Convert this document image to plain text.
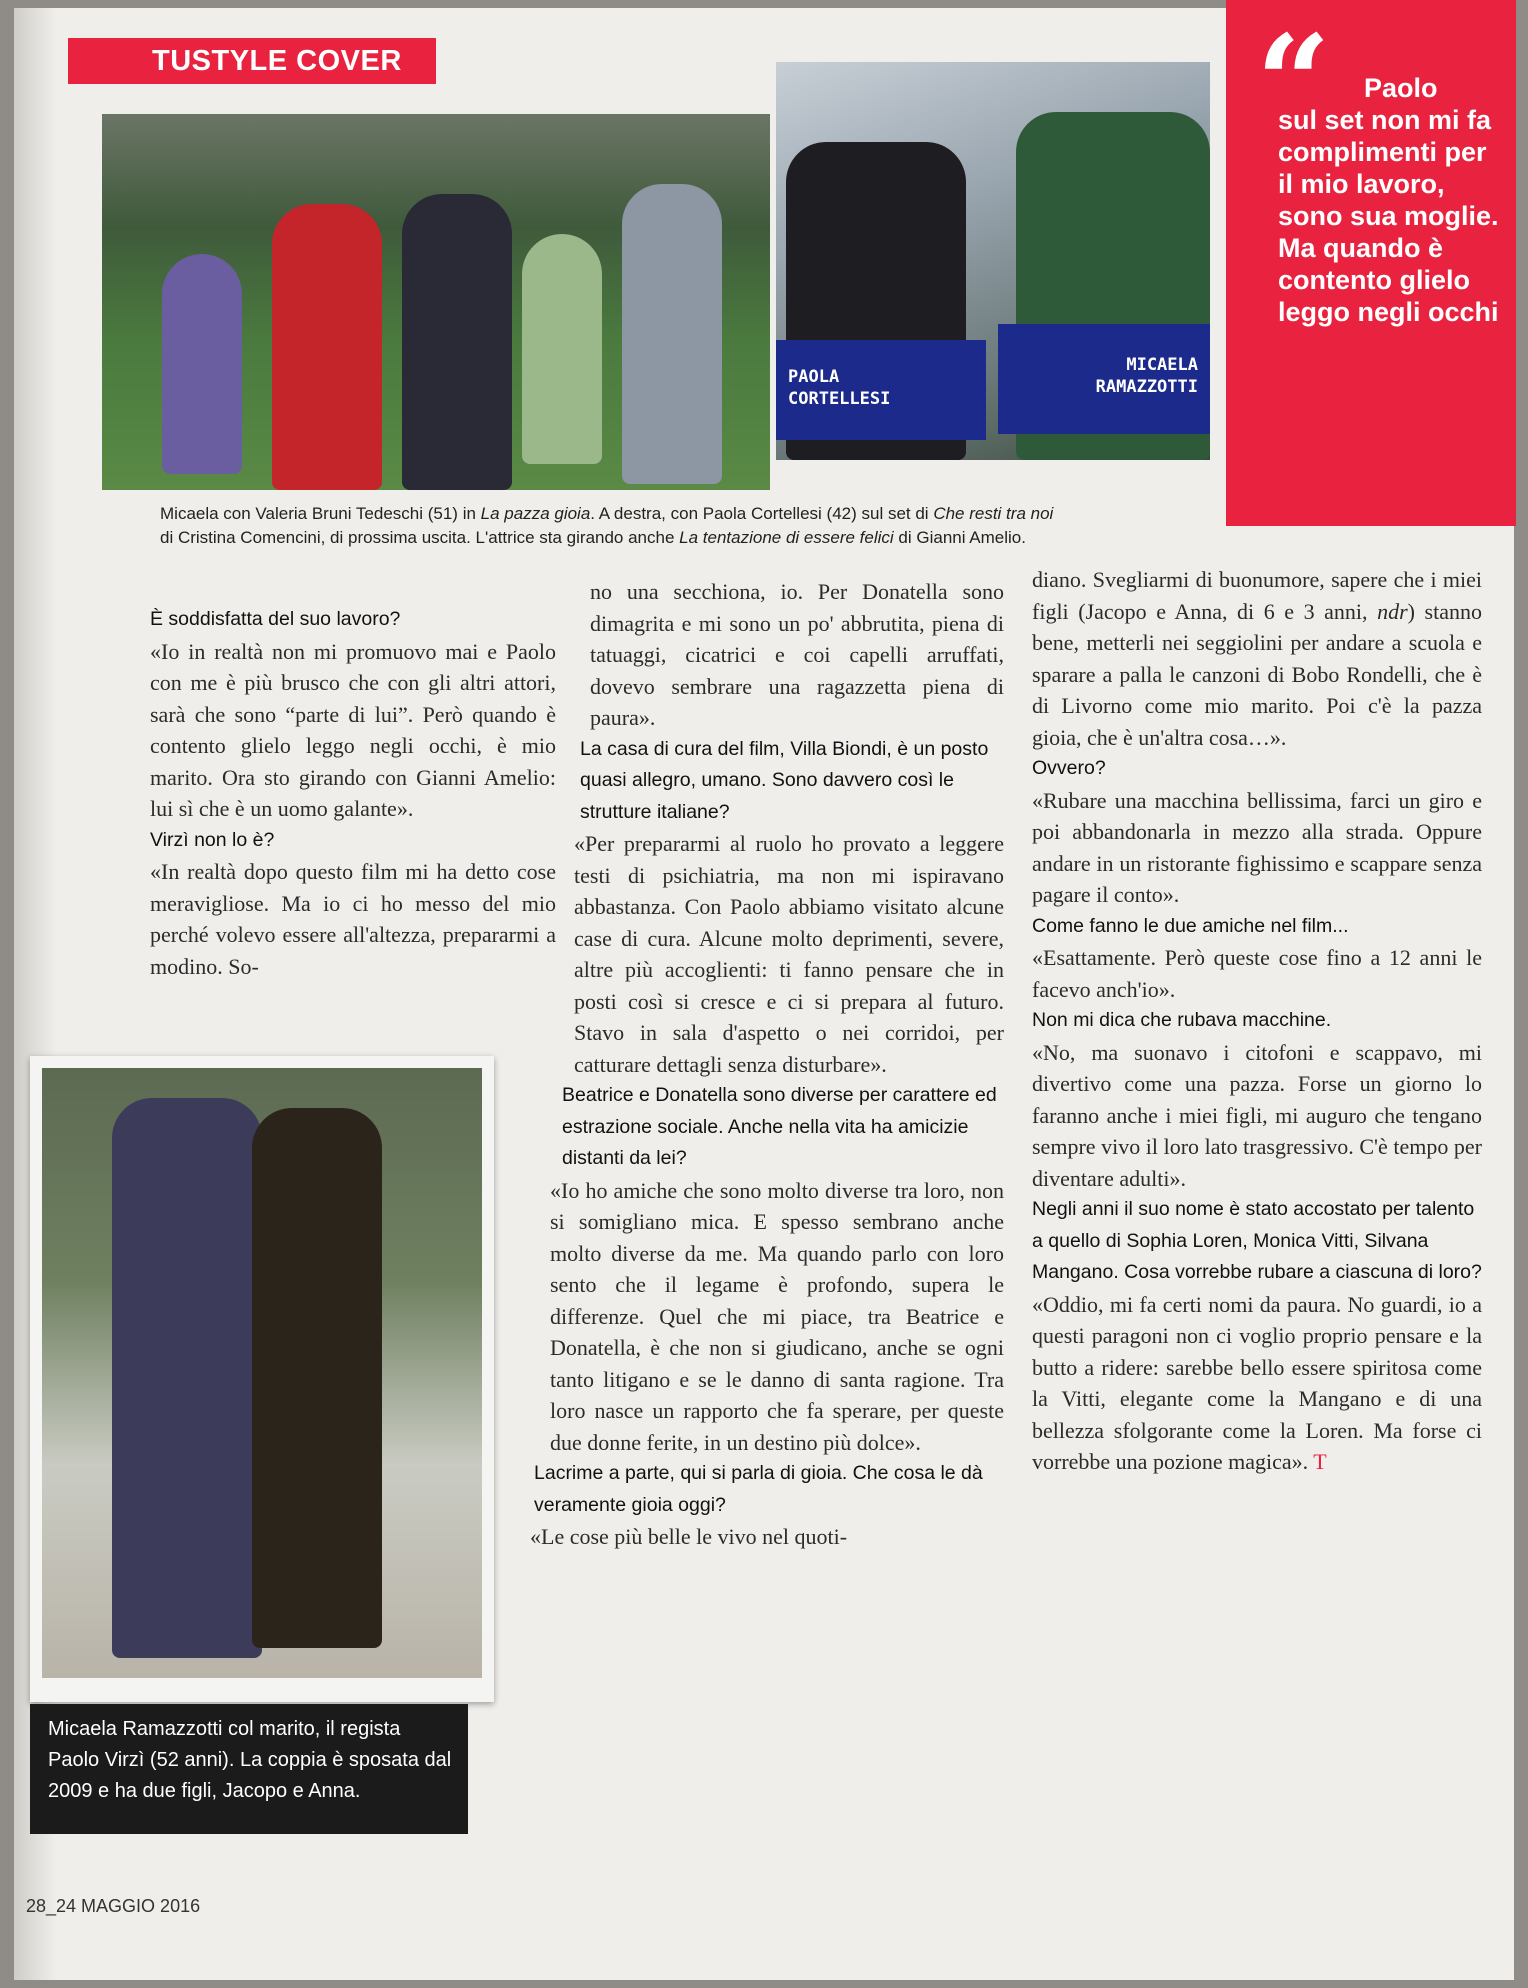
TUSTYLE COVER
PAOLA
CORTELLESI
MICAELA
RAMAZZOTTI
“	Paolo
sul set non mi fa complimenti per il mio lavoro, sono sua moglie. Ma quando è contento glielo leggo negli occhi
Micaela con Valeria Bruni Tedeschi (51) in La pazza gioia. A destra, con Paola Cortellesi (42) sul set di Che resti tra noi
di Cristina Comencini, di prossima uscita. L'attrice sta girando anche La tentazione di essere felici di Gianni Amelio.

È soddisfatta del suo lavoro?

«Io in realtà non mi promuovo mai e Paolo con me è più brusco che con gli altri attori, sarà che sono “parte di lui”. Però quando è contento glielo leggo negli occhi, è mio marito. Ora sto girando con Gianni Amelio: lui sì che è un uomo galante».

Virzì non lo è?

«In realtà dopo questo film mi ha detto cose meravigliose. Ma io ci ho messo del mio perché volevo essere all'altezza, prepararmi a modino. So-

no una secchiona, io. Per Donatella sono dimagrita e mi sono un po' abbrutita, piena di tatuaggi, cicatrici e coi capelli arruffati, dovevo sembrare una ragazzetta piena di paura».

La casa di cura del film, Villa Biondi, è un posto quasi allegro, umano. Sono davvero così le strutture italiane?

«Per prepararmi al ruolo ho provato a leggere testi di psichiatria, ma non mi ispiravano abbastanza. Con Paolo abbiamo visitato alcune case di cura. Alcune molto deprimenti, severe, altre più accoglienti: ti fanno pensare che in posti così si cresce e ci si prepara al futuro. Stavo in sala d'aspetto o nei corridoi, per catturare dettagli senza disturbare».

Beatrice e Donatella sono diverse per carattere ed estrazione sociale. Anche nella vita ha amicizie distanti da lei?

«Io ho amiche che sono molto diverse tra loro, non si somigliano mica. E spesso sembrano anche molto diverse da me. Ma quando parlo con loro sento che il legame è profondo, supera le differenze. Quel che mi piace, tra Beatrice e Donatella, è che non si giudicano, anche se ogni tanto litigano e se le danno di santa ragione. Tra loro nasce un rapporto che fa sperare, per queste due donne ferite, in un destino più dolce».

Lacrime a parte, qui si parla di gioia. Che cosa le dà veramente gioia oggi?

«Le cose più belle le vivo nel quoti-

diano. Svegliarmi di buonumore, sapere che i miei figli (Jacopo e Anna, di 6 e 3 anni, ndr) stanno bene, metterli nei seggiolini per andare a scuola e sparare a palla le canzoni di Bobo Rondelli, che è di Livorno come mio marito. Poi c'è la pazza gioia, che è un'altra cosa…».

Ovvero?

«Rubare una macchina bellissima, farci un giro e poi abbandonarla in mezzo alla strada. Oppure andare in un ristorante fighissimo e scappare senza pagare il conto».

Come fanno le due amiche nel film...

«Esattamente. Però queste cose fino a 12 anni le facevo anch'io».

Non mi dica che rubava macchine.

«No, ma suonavo i citofoni e scappavo, mi divertivo come una pazza. Forse un giorno lo faranno anche i miei figli, mi auguro che tengano sempre vivo il loro lato trasgressivo. C'è tempo per diventare adulti».

Negli anni il suo nome è stato accostato per talento a quello di Sophia Loren, Monica Vitti, Silvana Mangano. Cosa vorrebbe rubare a ciascuna di loro?

«Oddio, mi fa certi nomi da paura. No guardi, io a questi paragoni non ci voglio proprio pensare e la butto a ridere: sarebbe bello essere spiritosa come la Vitti, elegante come la Mangano e di una bellezza sfolgorante come la Loren. Ma forse ci vorrebbe una pozione magica». T

Micaela Ramazzotti col marito, il regista Paolo Virzì (52 anni). La coppia è sposata dal 2009 e ha due figli, Jacopo e Anna.
28_24 MAGGIO 2016
